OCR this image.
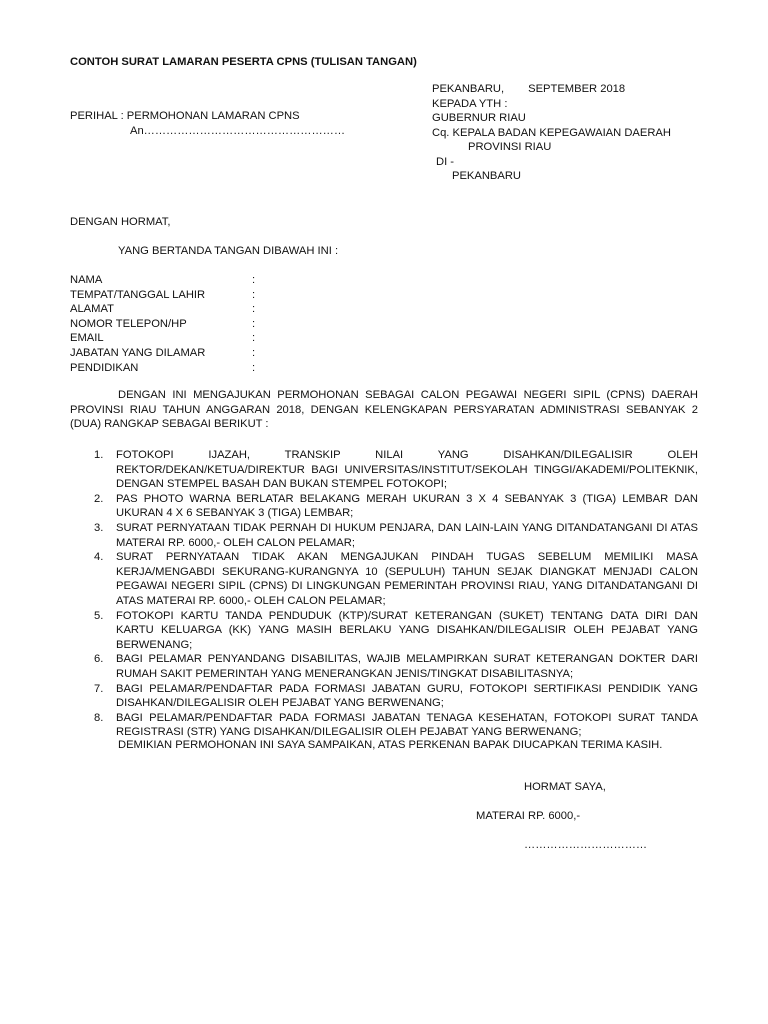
CONTOH SURAT LAMARAN PESERTA CPNS (TULISAN TANGAN)
PEKANBARU, SEPTEMBER 2018
KEPADA YTH :
GUBERNUR RIAU
Cq. KEPALA BADAN KEPEGAWAIAN DAERAH
PROVINSI RIAU
DI -
PEKANBARU
PERIHAL : PERMOHONAN LAMARAN CPNS
An………………………………………………
DENGAN HORMAT,
YANG BERTANDA TANGAN DIBAWAH INI :
NAMA	:
TEMPAT/TANGGAL LAHIR	:
ALAMAT	:
NOMOR TELEPON/HP	:
EMAIL	:
JABATAN YANG DILAMAR	:
PENDIDIKAN	:

DENGAN INI MENGAJUKAN PERMOHONAN SEBAGAI CALON PEGAWAI NEGERI SIPIL (CPNS) DAERAH PROVINSI RIAU TAHUN ANGGARAN 2018, DENGAN KELENGKAPAN PERSYARATAN ADMINISTRASI SEBANYAK 2 (DUA) RANGKAP SEBAGAI BERIKUT :

1. FOTOKOPI IJAZAH, TRANSKIP NILAI YANG DISAHKAN/DILEGALISIR OLEH REKTOR/DEKAN/KETUA/DIREKTUR BAGI UNIVERSITAS/INSTITUT/SEKOLAH TINGGI/AKADEMI/POLITEKNIK, DENGAN STEMPEL BASAH DAN BUKAN STEMPEL FOTOKOPI;
2. PAS PHOTO WARNA BERLATAR BELAKANG MERAH UKURAN 3 X 4 SEBANYAK 3 (TIGA) LEMBAR DAN UKURAN 4 X 6 SEBANYAK 3 (TIGA) LEMBAR;
3. SURAT PERNYATAAN TIDAK PERNAH DI HUKUM PENJARA, DAN LAIN-LAIN YANG DITANDATANGANI DI ATAS MATERAI RP. 6000,- OLEH CALON PELAMAR;
4. SURAT PERNYATAAN TIDAK AKAN MENGAJUKAN PINDAH TUGAS SEBELUM MEMILIKI MASA KERJA/MENGABDI SEKURANG-KURANGNYA 10 (SEPULUH) TAHUN SEJAK DIANGKAT MENJADI CALON PEGAWAI NEGERI SIPIL (CPNS) DI LINGKUNGAN PEMERINTAH PROVINSI RIAU, YANG DITANDATANGANI DI ATAS MATERAI RP. 6000,- OLEH CALON PELAMAR;
5. FOTOKOPI KARTU TANDA PENDUDUK (KTP)/SURAT KETERANGAN (SUKET) TENTANG DATA DIRI DAN KARTU KELUARGA (KK) YANG MASIH BERLAKU YANG DISAHKAN/DILEGALISIR OLEH PEJABAT YANG BERWENANG;
6. BAGI PELAMAR PENYANDANG DISABILITAS, WAJIB MELAMPIRKAN SURAT KETERANGAN DOKTER DARI RUMAH SAKIT PEMERINTAH YANG MENERANGKAN JENIS/TINGKAT DISABILITASNYA;
7. BAGI PELAMAR/PENDAFTAR PADA FORMASI JABATAN GURU, FOTOKOPI SERTIFIKASI PENDIDIK YANG DISAHKAN/DILEGALISIR OLEH PEJABAT YANG BERWENANG;
8. BAGI PELAMAR/PENDAFTAR PADA FORMASI JABATAN TENAGA KESEHATAN, FOTOKOPI SURAT TANDA REGISTRASI (STR) YANG DISAHKAN/DILEGALISIR OLEH PEJABAT YANG BERWENANG;
DEMIKIAN PERMOHONAN INI SAYA SAMPAIKAN, ATAS PERKENAN BAPAK DIUCAPKAN TERIMA KASIH.
HORMAT SAYA,
MATERAI RP. 6000,-
……………………………
